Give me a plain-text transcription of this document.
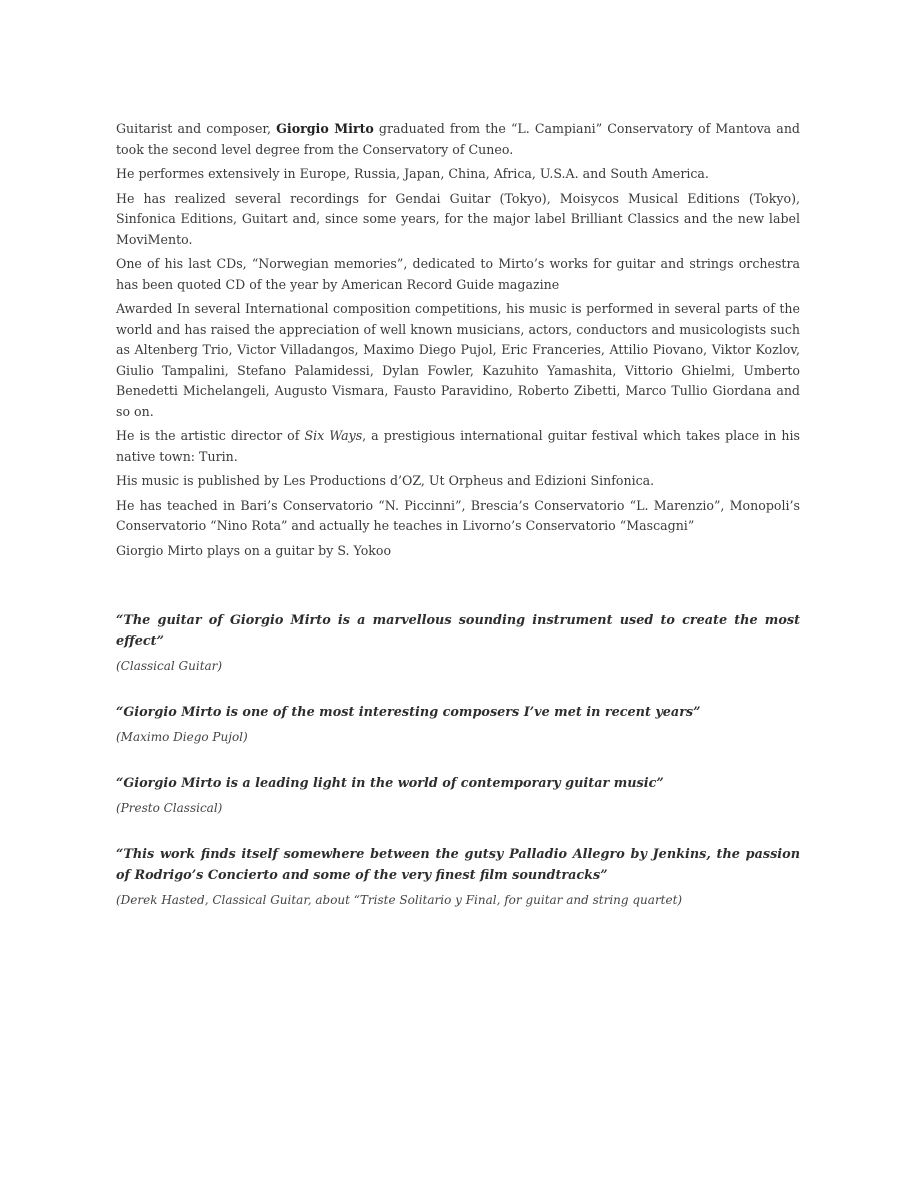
Guitarist and composer, Giorgio Mirto graduated from the “L. Campiani” Conservatory of Mantova and took the second level degree from the Conservatory of Cuneo.

He performes extensively in Europe, Russia, Japan, China, Africa, U.S.A. and South America.

He has realized several recordings for Gendai Guitar (Tokyo), Moisycos Musical Editions (Tokyo), Sinfonica Editions, Guitart and, since some years, for the major label Brilliant Classics and the new label MoviMento.

One of his last CDs, “Norwegian memories”, dedicated to Mirto’s works for guitar and strings orchestra has been quoted CD of the year by American Record Guide magazine

Awarded In several International composition competitions, his music is performed in several parts of the world and has raised the appreciation of well known musicians, actors, conductors and musicologists such as Altenberg Trio, Victor Villadangos, Maximo Diego Pujol, Eric Franceries, Attilio Piovano, Viktor Kozlov, Giulio Tampalini, Stefano Palamidessi, Dylan Fowler, Kazuhito Yamashita, Vittorio Ghielmi, Umberto Benedetti Michelangeli, Augusto Vismara, Fausto Paravidino, Roberto Zibetti, Marco Tullio Giordana and so on.

He is the artistic director of Six Ways, a prestigious international guitar festival which takes place in his native town: Turin.

His music is published by Les Productions d’OZ, Ut Orpheus and Edizioni Sinfonica.

He has teached in Bari’s Conservatorio “N. Piccinni”, Brescia’s Conservatorio “L. Marenzio”, Monopoli’s Conservatorio “Nino Rota” and actually he teaches in Livorno’s Conservatorio “Mascagni”

Giorgio Mirto plays on a guitar by S. Yokoo

“The guitar of Giorgio Mirto is a marvellous sounding instrument used to create the most effect”

(Classical Guitar)

“Giorgio Mirto is one of the most interesting composers I’ve met in recent years”

(Maximo Diego Pujol)

“Giorgio Mirto is a leading light in the world of contemporary guitar music”

(Presto Classical)

“This work finds itself somewhere between the gutsy Palladio Allegro by Jenkins, the passion of Rodrigo’s Concierto and some of the very finest film soundtracks”

(Derek Hasted, Classical Guitar, about “Triste Solitario y Final, for guitar and string quartet)
